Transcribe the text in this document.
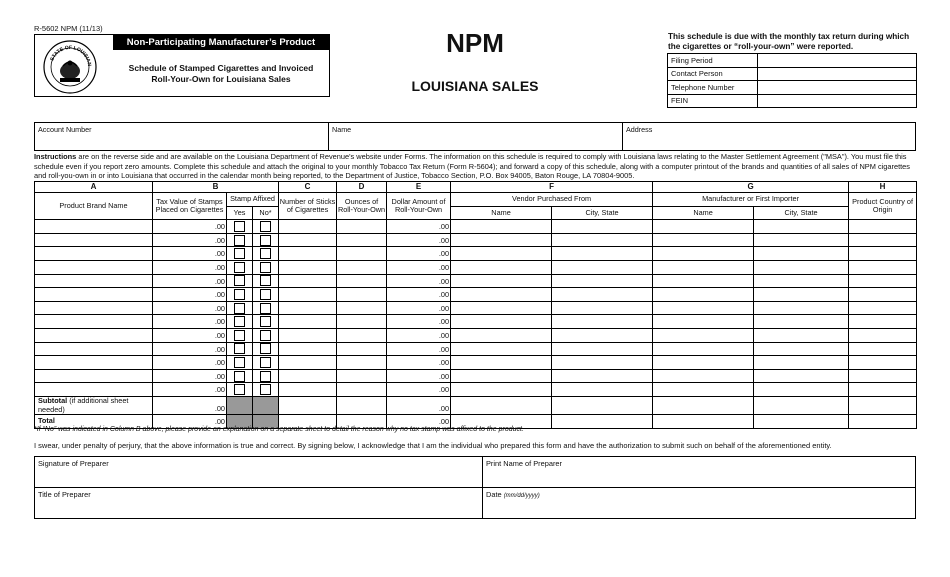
R-5602 NPM (11/13)
STATE OF LOUISIAN
Non-Participating Manufacturer’s Product
Schedule of Stamped Cigarettes and Invoiced
Roll-Your-Own for Louisiana Sales
NPM
LOUISIANA SALES
This schedule is due with the monthly tax return during which the cigarettes or “roll-your-own” were reported.
Filing Period	
Contact Person	
Telephone Number	
FEIN	
Account Number	Name	Address
Instructions are on the reverse side and are available on the Louisiana Department of Revenue's website under Forms. The information on this schedule is required to comply with Louisiana laws relating to the Master Settlement Agreement ("MSA"). You must file this schedule even if you report zero amounts. Complete this schedule and attach the original to your monthly Tobacco Tax Return (Form R-5604); and forward a copy of this schedule, along with a computer printout of the brands and quantities of all sales of NPM cigarettes and roll-you-own in or into Louisiana that occurred in the calendar month being reported, to the Department of Justice, Tobacco Section, P.O. Box 94005, Baton Rouge, LA 70804-9005.
A	B			C	D	E	F		G		H
Product Brand Name	Tax Value of Stamps Placed on Cigarettes	Stamp Affixed		Number of Sticks of Cigarettes	Ounces of Roll-Your-Own	Dollar Amount of Roll-Your-Own	Vendor Purchased From		Manufacturer or First Importer		Product Country of Origin
		Yes	No*				Name	City, State	Name	City, State	

	.00					.00					

	.00					.00					

	.00					.00					

	.00					.00					

	.00					.00					

	.00					.00					

	.00					.00					

	.00					.00					

	.00					.00					

	.00					.00					

	.00					.00					

	.00					.00					

	.00					.00					

Subtotal (if additional sheet needed)	.00					.00					

Total	.00					.00					

*If “No” was indicated in Column B above, please provide an explanation on a separate sheet to detail the reason why no tax stamp was affixed to the product.
I swear, under penalty of perjury, that the above information is true and correct. By signing below, I acknowledge that I am the individual who prepared this form and have the authorization to submit such on behalf of the aforementioned entity.
Signature of Preparer	Print Name of Preparer
Title of Preparer	Date (mm/dd/yyyy)
